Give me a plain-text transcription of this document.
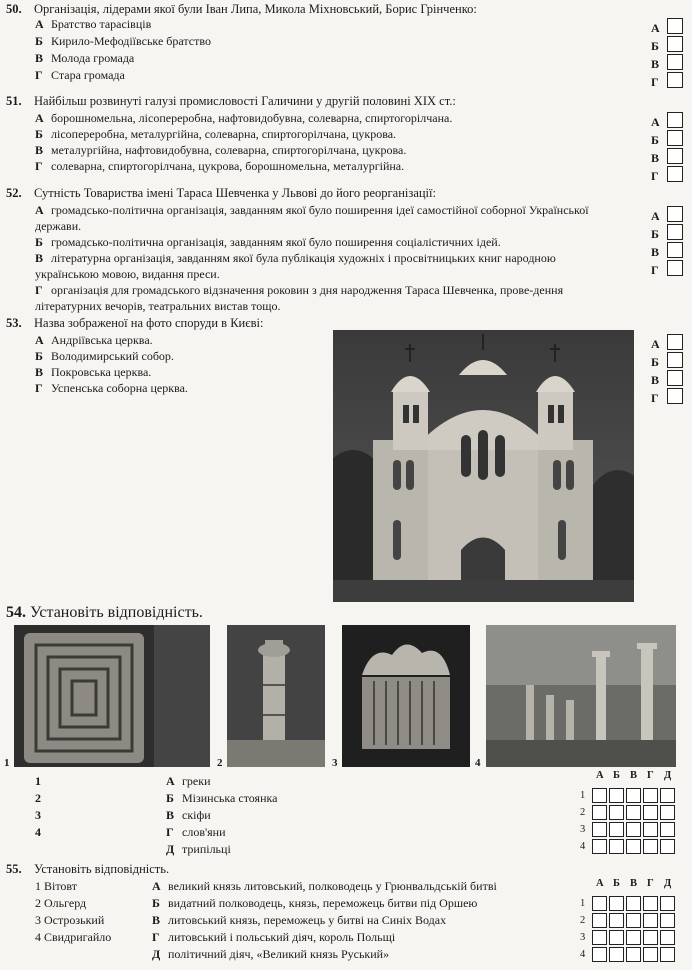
50. Організація, лідерами якої були Іван Липа, Микола Міхновський, Борис Грінченко:
А Братство тарасівців
Б Кирило-Мефодіївське братство
В Молода громада
Г Стара громада
А
Б
В
Г
51. Найбільш розвинуті галузі промисловості Галичини у другій половині XIX ст.:
А борошномельна, лісопереробна, нафтовидобувна, солеварна, спиртогорілчана.
Б лісопереробна, металургійна, солеварна, спиртогорілчана, цукрова.
В металургійна, нафтовидобувна, солеварна, спиртогорілчана, цукрова.
Г солеварна, спиртогорілчана, цукрова, борошномельна, металургійна.
А
Б
В
Г
52. Сутність Товариства імені Тараса Шевченка у Львові до його реорганізації:
А громадсько-політична організація, завданням якої було поширення ідеї самостійної соборної Української держави.
Б громадсько-політична організація, завданням якої було поширення соціалістичних ідей.
В літературна організація, завданням якої була публікація художніх і просвітницьких книг народною українською мовою, видання преси.
Г організація для громадського відзначення роковин з дня народження Тараса Шевченка, прове-дення літературних вечорів, театральних вистав тощо.
А
Б
В
Г
53. Назва зображеної на фото споруди в Києві:
А Андріївська церква.
Б Володимирський собор.
В Покровська церква.
Г Успенська соборна церква.
А
Б
В
Г
54. Установіть відповідність.
1	2	3	4
1
2
3
4
А греки
Б Мізинська стоянка
В скіфи
Г слов'яни
Д трипільці
А Б В Г Д
1
2
3
4
55. Установіть відповідність.
1 Вітовт
2 Ольгерд
3 Острозький
4 Свидригайло
А великий князь литовський, полководець у Грюнвальдській битві
Б видатний полководець, князь, переможець битви під Оршею
В литовський князь, переможець у битві на Синіх Водах
Г литовський і польський діяч, король Польщі
Д політичний діяч, «Великий князь Руський»
А Б В Г Д
1
2
3
4
